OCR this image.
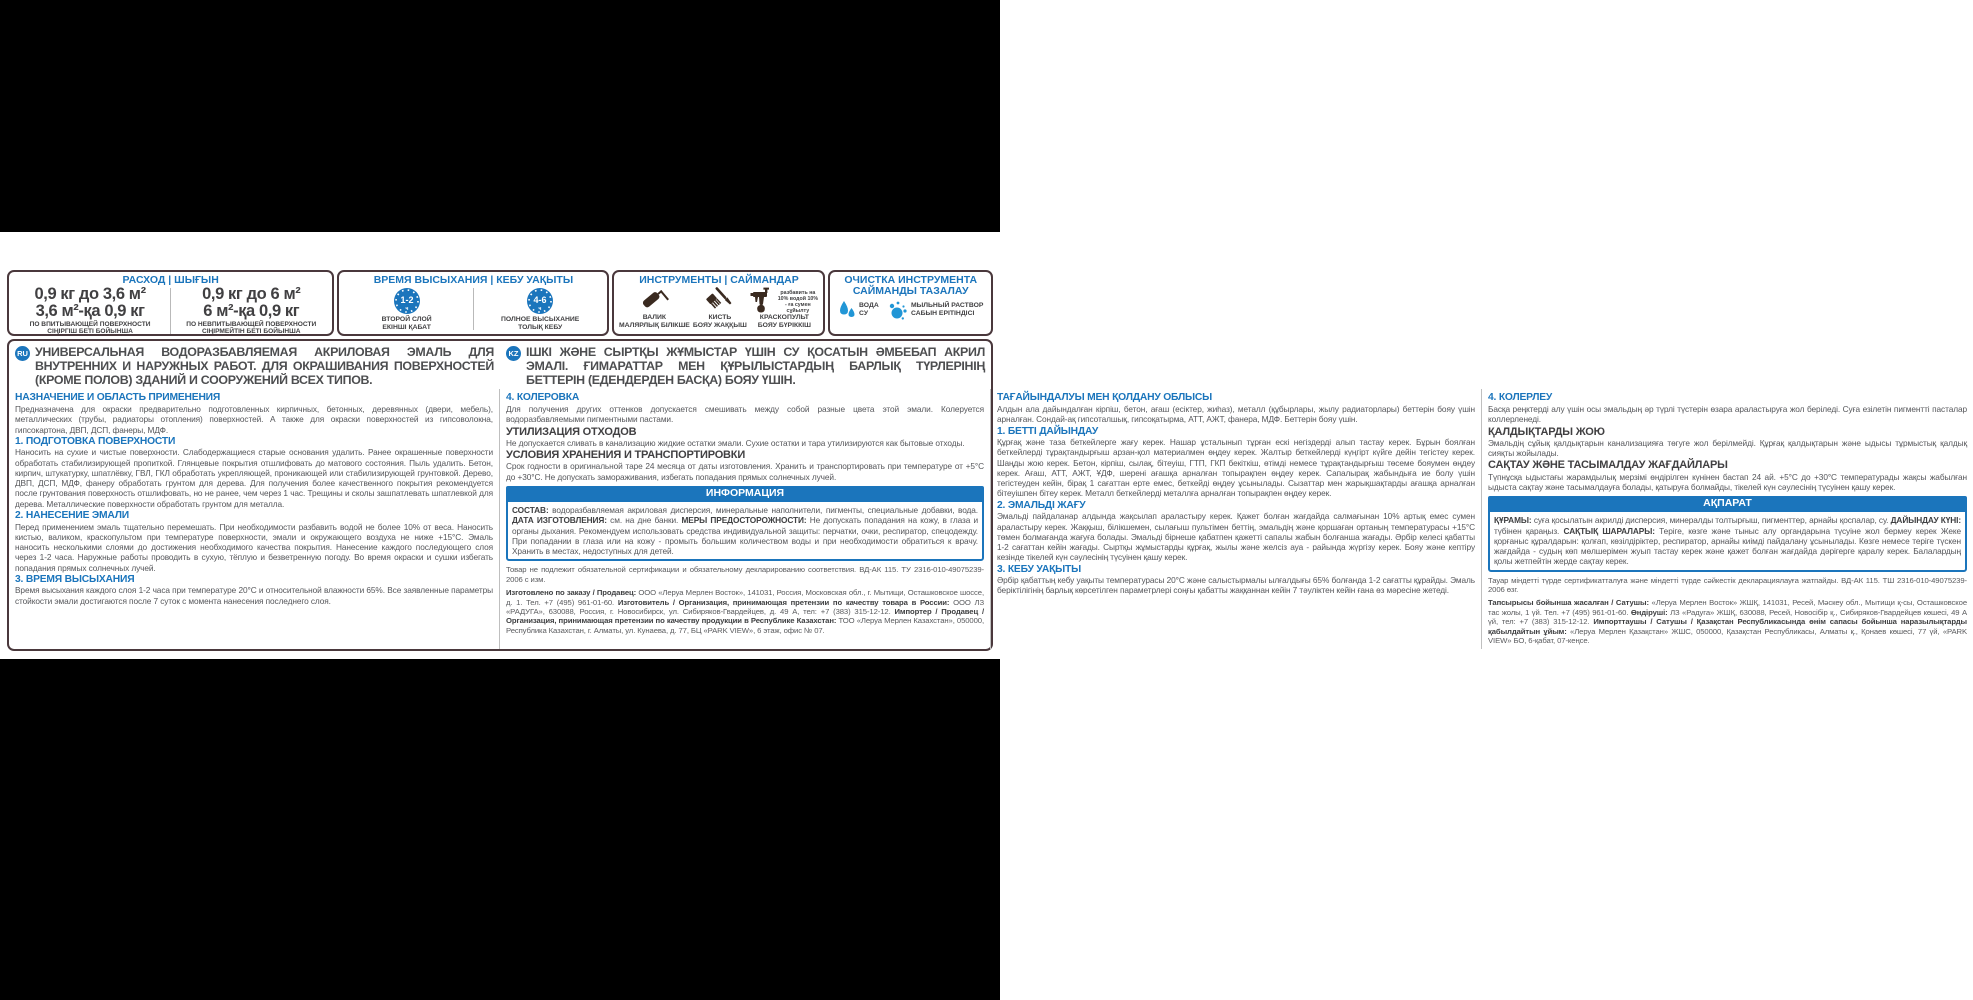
РАСХОД | ШЫҒЫН
0,9 кг до 3,6 м²
3,6 м²-қа 0,9 кг
ПО ВПИТЫВАЮЩЕЙ ПОВЕРХНОСТИ
СІҢІРГІШ БЕТІ БОЙЫНША
0,9 кг до 6 м²
6 м²-қа 0,9 кг
ПО НЕВПИТЫВАЮЩЕЙ ПОВЕРХНОСТИ
СІҢІРМЕЙТІН БЕТІ БОЙЫНША
ВРЕМЯ ВЫСЫХАНИЯ | КЕБУ УАҚЫТЫ
1-2
ч
ВТОРОЙ СЛОЙ
ЕКІНШІ ҚАБАТ
4-6
ч
ПОЛНОЕ ВЫСЫХАНИЕ
ТОЛЫҚ КЕБУ
ИНСТРУМЕНТЫ | САЙМАНДАР
ВАЛИК
МАЛЯРЛЫҚ БІЛІКШЕ
КИСТЬ
БОЯУ ЖАҚҚЫШ
разбавить на 10% водой 10% - ға сумен сұйылту
КРАСКОПУЛЬТ
БОЯУ БҮРІККІШ
ОЧИСТКА ИНСТРУМЕНТА
САЙМАНДЫ ТАЗАЛАУ
ВОДА
СУ
МЫЛЬНЫЙ РАСТВОР
САБЫН ЕРІТІНДІСІ
RU УНИВЕРСАЛЬНАЯ ВОДОРАЗБАВЛЯЕМАЯ АКРИЛОВАЯ ЭМАЛЬ ДЛЯ ВНУТРЕННИХ И НАРУЖНЫХ РАБОТ. ДЛЯ ОКРАШИВАНИЯ ПОВЕРХНОСТЕЙ (КРОМЕ ПОЛОВ) ЗДАНИЙ И СООРУЖЕНИЙ ВСЕХ ТИПОВ.
KZ ІШКІ ЖӘНЕ СЫРТҚЫ ЖҰМЫСТАР ҮШІН СУ ҚОСАТЫН ӘМБЕБАП АКРИЛ ЭМАЛІ. ҒИМАРАТТАР МЕН ҚҰРЫЛЫСТАРДЫҢ БАРЛЫҚ ТҮРЛЕРІНІҢ БЕТТЕРІН (ЕДЕНДЕРДЕН БАСҚА) БОЯУ ҮШІН.
НАЗНАЧЕНИЕ И ОБЛАСТЬ ПРИМЕНЕНИЯ
Предназначена для окраски предварительно подготовленных кирпичных, бетонных, деревянных (двери, мебель), металлических (трубы, радиаторы отопления) поверхностей. А также для окраски поверхностей из гипсоволокна, гипсокартона, ДВП, ДСП, фанеры, МДФ.
1. ПОДГОТОВКА ПОВЕРХНОСТИ
Наносить на сухие и чистые поверхности. Слабодержащиеся старые основания удалить. Ранее окрашенные поверхности обработать стабилизирующей пропиткой. Глянцевые покрытия отшлифовать до матового состояния. Пыль удалить. Бетон, кирпич, штукатурку, шпатлёвку, ГВЛ, ГКЛ обработать укрепляющей, проникающей или стабилизирующей грунтовкой. Дерево, ДВП, ДСП, МДФ, фанеру обработать грунтом для дерева. Для получения более качественного покрытия рекомендуется после грунтования поверхность отшлифовать, но не ранее, чем через 1 час. Трещины и сколы зашпатлевать шпатлевкой для дерева. Металлические поверхности обработать грунтом для металла.
2. НАНЕСЕНИЕ ЭМАЛИ
Перед применением эмаль тщательно перемешать. При необходимости разбавить водой не более 10% от веса. Наносить кистью, валиком, краскопультом при температуре поверхности, эмали и окружающего воздуха не ниже +15°С. Эмаль наносить несколькими слоями до достижения необходимого качества покрытия. Нанесение каждого последующего слоя через 1-2 часа. Наружные работы проводить в сухую, тёплую и безветренную погоду. Во время окраски и сушки избегать попадания прямых солнечных лучей.
3. ВРЕМЯ ВЫСЫХАНИЯ
Время высыхания каждого слоя 1-2 часа при температуре 20°С и относительной влажности 65%. Все заявленные параметры стойкости эмали достигаются после 7 суток с момента нанесения последнего слоя.
4. КОЛЕРОВКА
Для получения других оттенков допускается смешивать между собой разные цвета этой эмали. Колеруется водоразбавляемыми пигментными пастами.
УТИЛИЗАЦИЯ ОТХОДОВ
Не допускается сливать в канализацию жидкие остатки эмали. Сухие остатки и тара утилизируются как бытовые отходы.
УСЛОВИЯ ХРАНЕНИЯ И ТРАНСПОРТИРОВКИ
Срок годности в оригинальной таре 24 месяца от даты изготовления. Хранить и транспортировать при температуре от +5°С до +30°С. Не допускать замораживания, избегать попадания прямых солнечных лучей.
ИНФОРМАЦИЯ
СОСТАВ: водоразбавляемая акриловая дисперсия, минеральные наполнители, пигменты, специальные добавки, вода. ДАТА ИЗГОТОВЛЕНИЯ: см. на дне банки. МЕРЫ ПРЕДОСТОРОЖНОСТИ: Не допускать попадания на кожу, в глаза и органы дыхания. Рекомендуем использовать средства индивидуальной защиты: перчатки, очки, респиратор, спецодежду. При попадании в глаза или на кожу - промыть большим количеством воды и при необходимости обратиться к врачу. Хранить в местах, недоступных для детей.
Товар не подлежит обязательной сертификации и обязательному декларированию соответствия. ВД-АК 115. ТУ 2316-010-49075239-2006 с изм.
Изготовлено по заказу / Продавец: ООО «Леруа Мерлен Восток», 141031, Россия, Московская обл., г. Мытищи, Осташковское шоссе, д. 1. Тел. +7 (495) 961-01-60. Изготовитель / Организация, принимающая претензии по качеству товара в России: ООО ЛЗ «РАДУГА», 630088, Россия, г. Новосибирск, ул. Сибиряков-Гвардейцев, д. 49 А, тел: +7 (383) 315-12-12. Импортер / Продавец / Организация, принимающая претензии по качеству продукции в Республике Казахстан: ТОО «Леруа Мерлен Казахстан», 050000, Республика Казахстан, г. Алматы, ул. Кунаева, д. 77, БЦ «PARK VIEW», 6 этаж, офис № 07.
ТАҒАЙЫНДАЛУЫ МЕН ҚОЛДАНУ ОБЛЫСЫ
Алдын ала дайындалған кірпіш, бетон, ағаш (есіктер, жиһаз), металл (құбырлары, жылу радиаторлары) беттерін бояу үшін арналған. Сондай-ақ гипсоталшық, гипсоқатырма, АТТ, АЖТ, фанера, МДФ. Беттерін бояу үшін.
1. БЕТТІ ДАЙЫНДАУ
Құрғақ және таза беткейлерге жағу керек. Нашар ұсталынып тұрған ескі негіздерді алып тастау керек. Бұрын боялған беткейлерді тұрақтандырғыш арзан-қол материалмен өңдеу керек. Жалтыр беткейлерді күңгірт күйге дейін тегістеу керек. Шаңды жою керек. Бетон, кірпіш, сылақ, бітеуіш, ГТП, ГКП бекіткіш, өтімді немесе тұрақтандырғыш төсеме бояумен өңдеу керек. Ағаш, АТТ, АЖТ, ҰДФ, шерені ағашқа арналған топырақпен өңдеу керек. Сапалырақ жабындыға ие болу үшін тегістеуден кейін, бірақ 1 сағаттан ерте емес, беткейді өңдеу ұсынылады. Сызаттар мен жарықшақтарды ағашқа арналған бітеуішпен бітеу керек. Металл беткейлерді металлға арналған топырақпен өңдеу керек.
2. ЭМАЛЬДІ ЖАҒУ
Эмальді пайдаланар алдында жақсылап араластыру керек. Қажет болған жағдайда салмағынан 10% артық емес сумен араластыру керек. Жаққыш, білікшемен, сылағыш пультімен беттің, эмальдің және қоршаған ортаның температурасы +15°С төмен болмағанда жағуға болады. Эмальді бірнеше қабатпен қажетті сапалы жабын болғанша жағады. Әрбір келесі қабатты 1-2 сағаттан кейін жағады. Сыртқы жұмыстарды құрғақ, жылы және желсіз ауа - райында жүргізу керек. Бояу және кептіру кезінде тікелей күн сәулесінің түсуінен қашу керек.
3. КЕБУ УАҚЫТЫ
Әрбір қабаттың кебу уақыты температурасы 20°С және салыстырмалы ылғалдығы 65% болғанда 1-2 сағатты құрайды. Эмаль беріктілігінің барлық көрсетілген параметрлері соңғы қабатты жаққаннан кейін 7 тәуліктен кейін ғана өз мәресіне жетеді.
4. КОЛЕРЛЕУ
Басқа реңктерді алу үшін осы эмальдың әр түрлі түстерін өзара араластыруға жол беріледі. Суға езілетін пигментті пасталар коллерленеді.
ҚАЛДЫҚТАРДЫ ЖОЮ
Эмальдің сұйық қалдықтарын канализацияға төгуге жол берілмейді. Құрғақ қалдықтарын және ыдысы тұрмыстық қалдық сияқты жойылады.
САҚТАУ ЖӘНЕ ТАСЫМАЛДАУ ЖАҒДАЙЛАРЫ
Түпнұсқа ыдыстағы жарамдылық мерзімі өндірілген күнінен бастап 24 ай. +5°С до +30°С температурады жақсы жабылған ыдыста сақтау және тасымалдауға болады, қатыруға болмайды, тікелей күн сәулесінің түсуінен қашу керек.
АҚПАРАТ
ҚҰРАМЫ: суға қосылатын акрилді дисперсия, минералды толтырғыш, пигменттер, арнайы қоспалар, су. ДАЙЫНДАУ КҮНІ: түбінен қараңыз. САҚТЫҚ ШАРАЛАРЫ: Теріге, көзге және тыныс алу органдарына түсуіне жол бермеу керек Жеке қорғаныс құралдарын: қолғап, көзілдіріктер, респиратор, арнайы киімді пайдалану ұсынылады. Көзге немесе теріге түскен жағдайда - судың көп мөлшерімен жуып тастау керек және қажет болған жағдайда дәрігерге қаралу керек. Балалардың қолы жетпейтін жерде сақтау керек.
Тауар міндетті түрде сертификатталуға және міндетті түрде сәйкестік декларациялауға жатпайды. ВД-АК 115. ТШ 2316-010-49075239-2006 өзг.
Тапсырысы бойынша жасалған / Сатушы: «Леруа Мерлен Восток» ЖШҚ, 141031, Ресей, Мәскеу обл., Мытищи қ-сы, Осташковское тас жолы, 1 үй. Тел. +7 (495) 961-01-60. Өндіруші: ЛЗ «Радуга» ЖШҚ, 630088, Ресей, Новосібір қ., Сибиряков-Гвардейцев көшесі, 49 А үй, тел: +7 (383) 315-12-12. Импорттаушы / Сатушы / Қазақстан Республикасында өнім сапасы бойынша наразылықтарды қабылдайтын ұйым: «Леруа Мерлен Қазақстан» ЖШС, 050000, Қазақстан Республикасы, Алматы қ., Қонаев көшесі, 77 үй, «PARK VIEW» БО, 6-қабат, 07-кеңсе.
